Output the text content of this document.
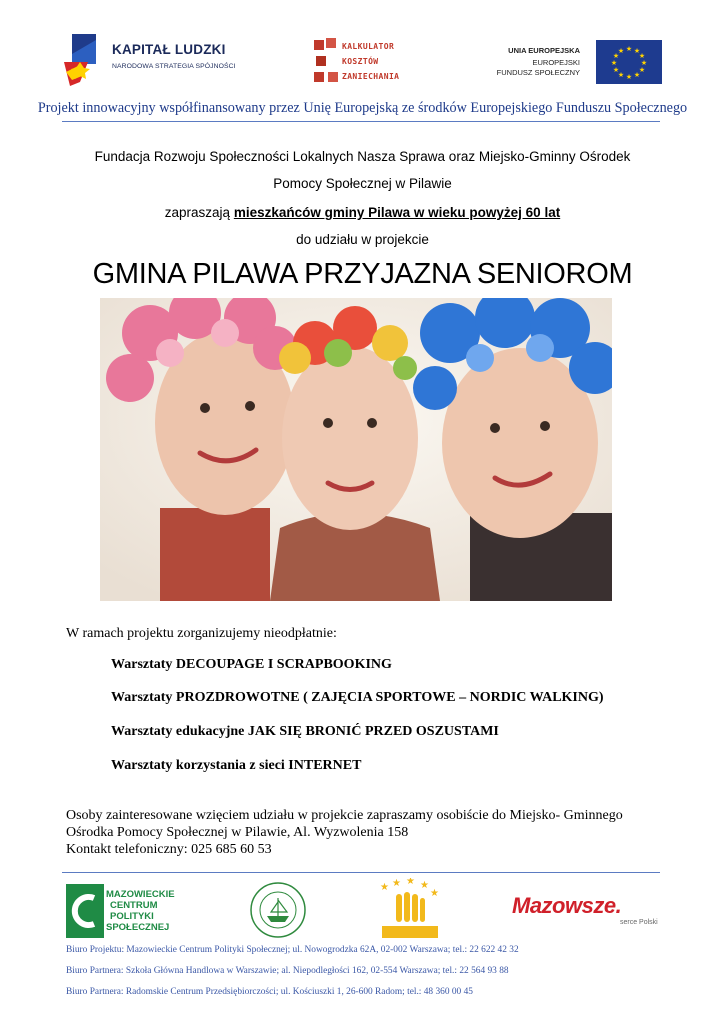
KAPITAŁ LUDZKI
NARODOWA STRATEGIA SPÓJNOŚCI
KALKULATOR
KOSZTÓW
ZANIECHANIA
UNIA EUROPEJSKA
EUROPEJSKI
FUNDUSZ SPOŁECZNY
★ ★
★
★
★
★
★
★
★
★
★
★
Projekt innowacyjny współfinansowany przez Unię Europejską ze środków Europejskiego Funduszu Społecznego
Fundacja Rozwoju Społeczności Lokalnych Nasza Sprawa oraz Miejsko-Gminny Ośrodek
Pomocy Społecznej w Pilawie
zapraszają mieszkańców gminy Pilawa w wieku powyżej 60 lat
do udziału w projekcie
GMINA PILAWA PRZYJAZNA SENIOROM
W ramach projektu zorganizujemy nieodpłatnie:
Warsztaty DECOUPAGE I SCRAPBOOKING
Warsztaty PROZDROWOTNE ( ZAJĘCIA SPORTOWE – NORDIC WALKING)
Warsztaty edukacyjne JAK SIĘ BRONIĆ PRZED OSZUSTAMI
Warsztaty korzystania z sieci INTERNET
Osoby zainteresowane wzięciem udziału w projekcie zapraszamy osobiście do Miejsko- Gminnego
Ośrodka Pomocy Społecznej w Pilawie, Al. Wyzwolenia 158
Kontakt telefoniczny: 025 685 60 53
MAZOWIECKIE
CENTRUM
POLITYKI
SPOŁECZNEJ
★ ★ ★ ★
★	Mazowsze.
serce Polski
Biuro Projektu: Mazowieckie Centrum Polityki Społecznej; ul. Nowogrodzka 62A, 02-002 Warszawa; tel.: 22 622 42 32
Biuro Partnera: Szkoła Główna Handlowa w Warszawie; al. Niepodległości 162, 02-554 Warszawa; tel.: 22 564 93 88
Biuro Partnera: Radomskie Centrum Przedsiębiorczości; ul. Kościuszki 1, 26-600 Radom; tel.: 48 360 00 45
